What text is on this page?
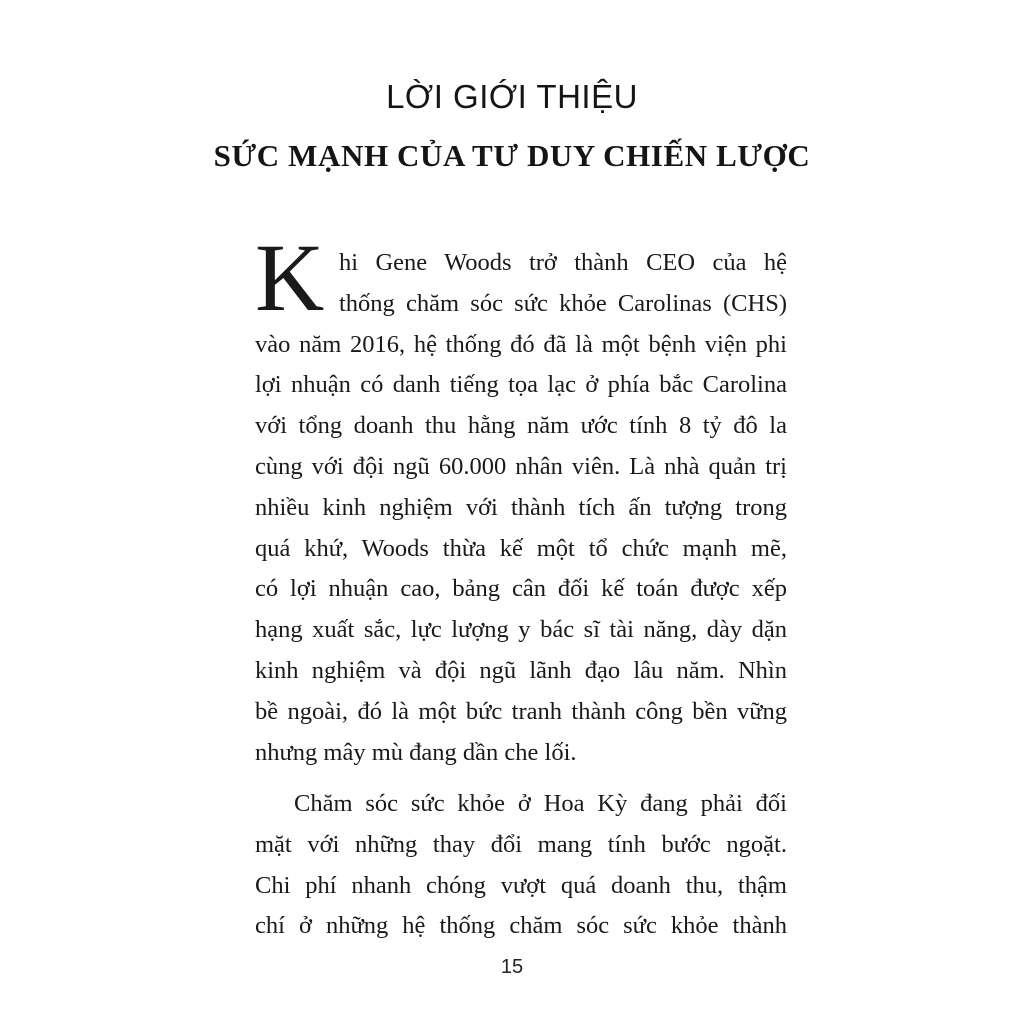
LỜI GIỚI THIỆU
SỨC MẠNH CỦA TƯ DUY CHIẾN LƯỢC
K hi Gene Woods trở thành CEO của hệ
thống chăm sóc sức khỏe Carolinas (CHS)
vào năm 2016, hệ thống đó đã là một bệnh viện phi
lợi nhuận có danh tiếng tọa lạc ở phía bắc Carolina
với tổng doanh thu hằng năm ước tính 8 tỷ đô la
cùng với đội ngũ 60.000 nhân viên. Là nhà quản trị
nhiều kinh nghiệm với thành tích ấn tượng trong
quá khứ, Woods thừa kế một tổ chức mạnh mẽ,
có lợi nhuận cao, bảng cân đối kế toán được xếp
hạng xuất sắc, lực lượng y bác sĩ tài năng, dày dặn
kinh nghiệm và đội ngũ lãnh đạo lâu năm. Nhìn
bề ngoài, đó là một bức tranh thành công bền vững
nhưng mây mù đang dần che lối.
Chăm sóc sức khỏe ở Hoa Kỳ đang phải đối
mặt với những thay đổi mang tính bước ngoặt.
Chi phí nhanh chóng vượt quá doanh thu, thậm
chí ở những hệ thống chăm sóc sức khỏe thành
15
